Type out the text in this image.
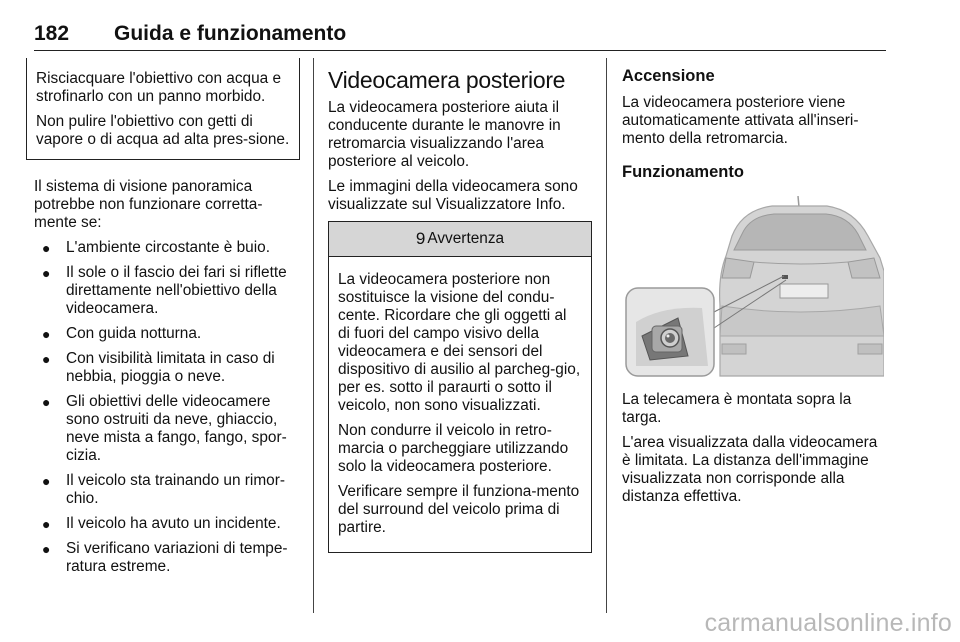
182 Guida e funzionamento

Risciacquare l'obiettivo con acqua e strofinarlo con un panno morbido.

Non pulire l'obiettivo con getti di vapore o di acqua ad alta pres-sione.

Il sistema di visione panoramica potrebbe non funzionare corretta-mente se:

● L'ambiente circostante è buio.
● Il sole o il fascio dei fari si riflette direttamente nell'obiettivo della videocamera.
● Con guida notturna.
● Con visibilità limitata in caso di nebbia, pioggia o neve.
● Gli obiettivi delle videocamere sono ostruiti da neve, ghiaccio, neve mista a fango, fango, spor-cizia.
● Il veicolo sta trainando un rimor-chio.
● Il veicolo ha avuto un incidente.
● Si verificano variazioni di tempe-ratura estreme.
Videocamera posteriore

La videocamera posteriore aiuta il conducente durante le manovre in retromarcia visualizzando l'area posteriore al veicolo.

Le immagini della videocamera sono visualizzate sul Visualizzatore Info.

9 Avvertenza

La videocamera posteriore non sostituisce la visione del condu-cente. Ricordare che gli oggetti al di fuori del campo visivo della videocamera e dei sensori del dispositivo di ausilio al parcheg-gio, per es. sotto il paraurti o sotto il veicolo, non sono visualizzati.

Non condurre il veicolo in retro-marcia o parcheggiare utilizzando solo la videocamera posteriore.

Verificare sempre il funziona-mento del surround del veicolo prima di partire.

Accensione

La videocamera posteriore viene automaticamente attivata all'inseri-mento della retromarcia.

Funzionamento

La telecamera è montata sopra la targa.

L'area visualizzata dalla videocamera è limitata. La distanza dell'immagine visualizzata non corrisponde alla distanza effettiva.

carmanualsonline.info
